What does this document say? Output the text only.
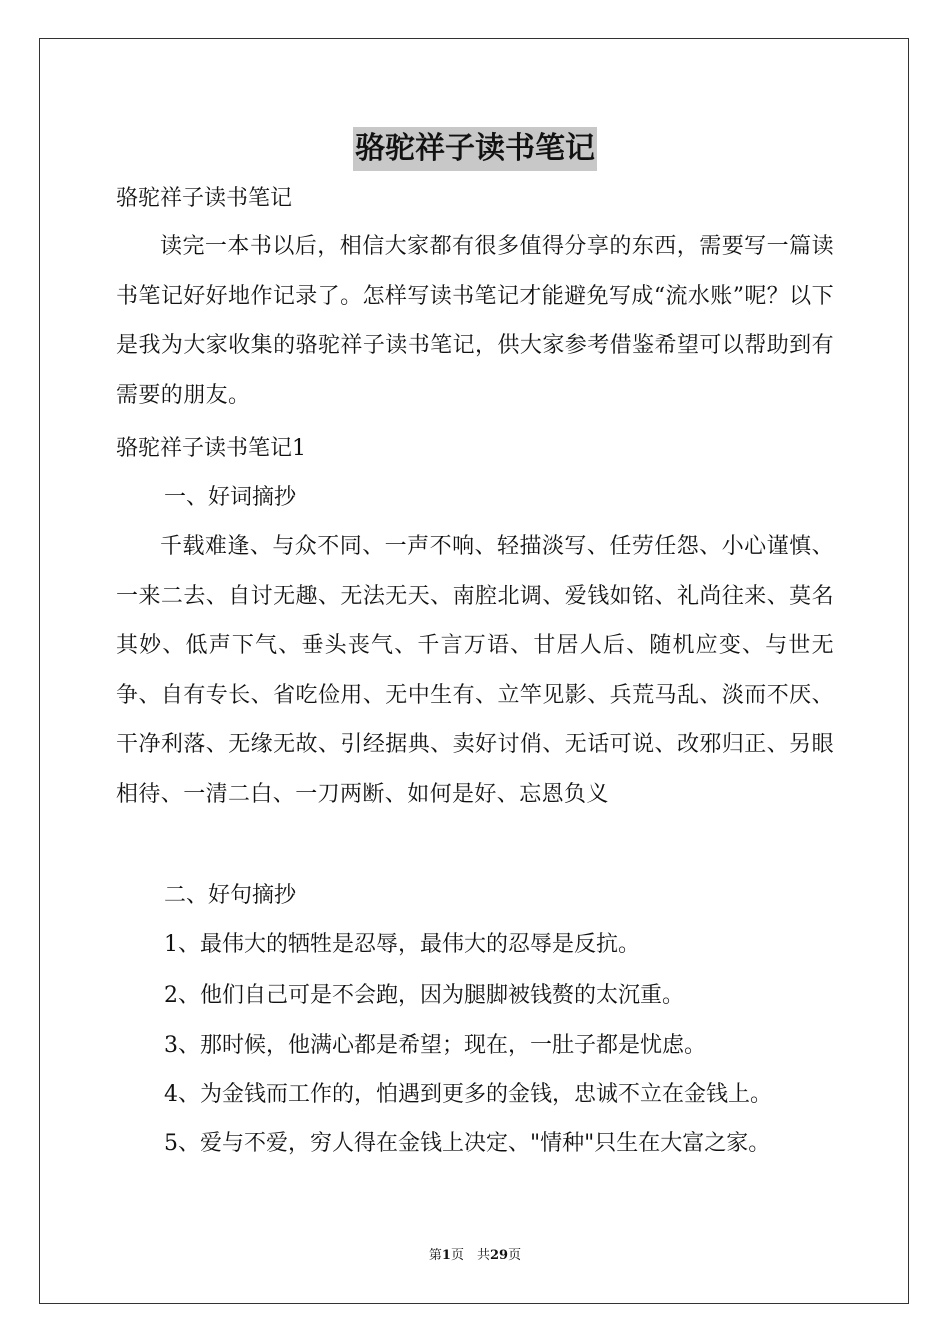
骆驼祥子读书笔记
骆驼祥子读书笔记
读完一本书以后，相信大家都有很多值得分享的东西，需要写一篇读书笔记好好地作记录了。怎样写读书笔记才能避免写成“流水账”呢？以下是我为大家收集的骆驼祥子读书笔记，供大家参考借鉴希望可以帮助到有需要的朋友。
骆驼祥子读书笔记1
一、好词摘抄
千载难逢、与众不同、一声不响、轻描淡写、任劳任怨、小心谨慎、一来二去、自讨无趣、无法无天、南腔北调、爱钱如铭、礼尚往来、莫名其妙、低声下气、垂头丧气、千言万语、甘居人后、随机应变、与世无争、自有专长、省吃俭用、无中生有、立竿见影、兵荒马乱、淡而不厌、干净利落、无缘无故、引经据典、卖好讨俏、无话可说、改邪归正、另眼相待、一清二白、一刀两断、如何是好、忘恩负义
二、好句摘抄
1、最伟大的牺牲是忍辱，最伟大的忍辱是反抗。
2、他们自己可是不会跑，因为腿脚被钱赘的太沉重。
3、那时候，他满心都是希望；现在，一肚子都是忧虑。
4、为金钱而工作的，怕遇到更多的金钱，忠诚不立在金钱上。
5、爱与不爱，穷人得在金钱上决定、"情种"只生在大富之家。
第1页　共29页
